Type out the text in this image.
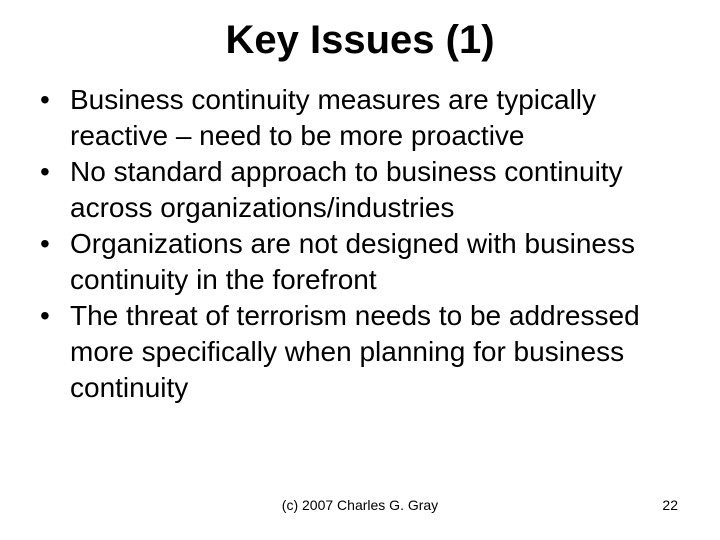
Key Issues (1)
• Business continuity measures are typically reactive – need to be more proactive
• No standard approach to business continuity across organizations/industries
• Organizations are not designed with business continuity in the forefront
• The threat of terrorism needs to be addressed more specifically when planning for business continuity
(c) 2007 Charles G. Gray	22
